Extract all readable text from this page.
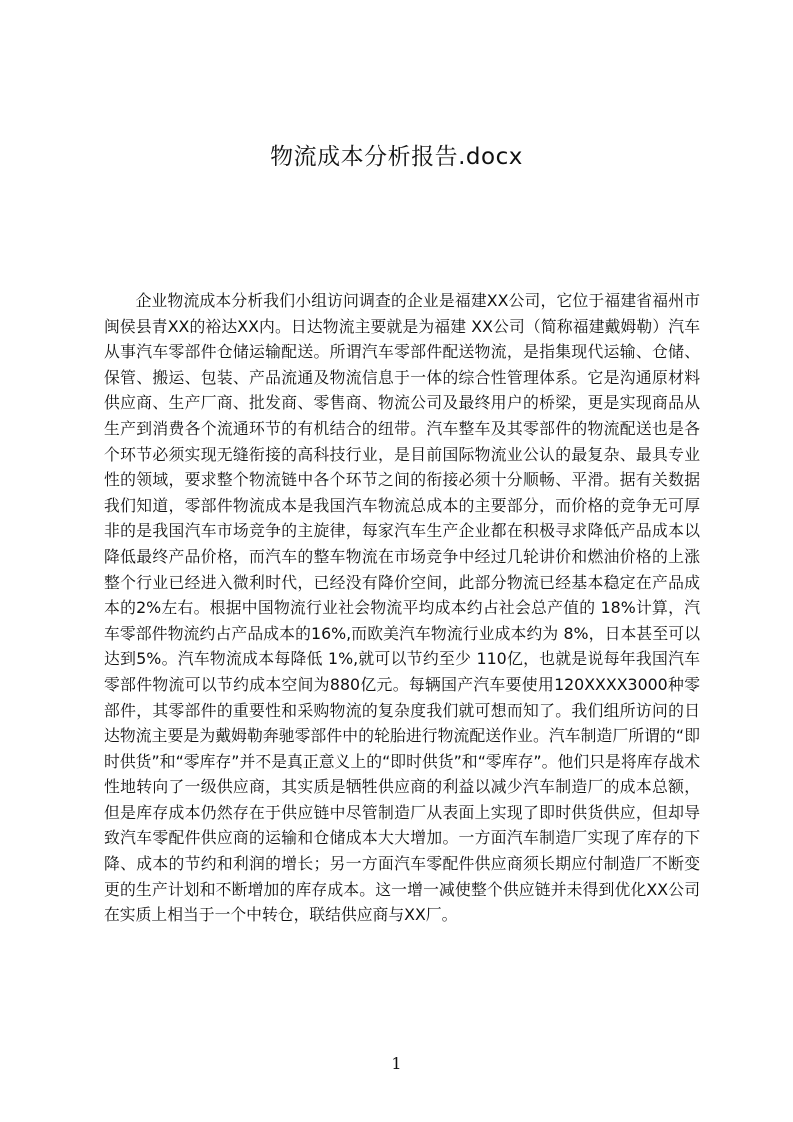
物流成本分析报告.docx

企业物流成本分析我们小组访问调查的企业是福建XX公司，它位于福建省福州市闽侯县青XX的裕达XX内。日达物流主要就是为福建 XX公司（简称福建戴姆勒）汽车从事汽车零部件仓储运输配送。所谓汽车零部件配送物流，是指集现代运输、仓储、保管、搬运、包装、产品流通及物流信息于一体的综合性管理体系。它是沟通原材料供应商、生产厂商、批发商、零售商、物流公司及最终用户的桥梁，更是实现商品从生产到消费各个流通环节的有机结合的纽带。汽车整车及其零部件的物流配送也是各个环节必须实现无缝衔接的高科技行业，是目前国际物流业公认的最复杂、最具专业性的领域，要求整个物流链中各个环节之间的衔接必须十分顺畅、平滑。据有关数据我们知道，零部件物流成本是我国汽车物流总成本的主要部分，而价格的竞争无可厚非的是我国汽车市场竞争的主旋律，每家汽车生产企业都在积极寻求降低产品成本以降低最终产品价格，而汽车的整车物流在市场竞争中经过几轮讲价和燃油价格的上涨整个行业已经进入微利时代，已经没有降价空间，此部分物流已经基本稳定在产品成本的2%左右。根据中国物流行业社会物流平均成本约占社会总产值的 18%计算，汽车零部件物流约占产品成本的16%,而欧美汽车物流行业成本约为 8%，日本甚至可以达到5%。汽车物流成本每降低 1%,就可以节约至少 110亿，也就是说每年我国汽车零部件物流可以节约成本空间为880亿元。每辆国产汽车要使用120XXXX3000种零部件，其零部件的重要性和采购物流的复杂度我们就可想而知了。我们组所访问的日达物流主要是为戴姆勒奔驰零部件中的轮胎进行物流配送作业。汽车制造厂所谓的“即时供货”和“零库存”并不是真正意义上的“即时供货”和“零库存”。他们只是将库存战术性地转向了一级供应商，其实质是牺牲供应商的利益以减少汽车制造厂的成本总额，但是库存成本仍然存在于供应链中尽管制造厂从表面上实现了即时供货供应，但却导致汽车零配件供应商的运输和仓储成本大大增加。一方面汽车制造厂实现了库存的下降、成本的节约和利润的增长；另一方面汽车零配件供应商须长期应付制造厂不断变更的生产计划和不断增加的库存成本。这一增一减使整个供应链并未得到优化XX公司在实质上相当于一个中转仓，联结供应商与XX厂。

1
